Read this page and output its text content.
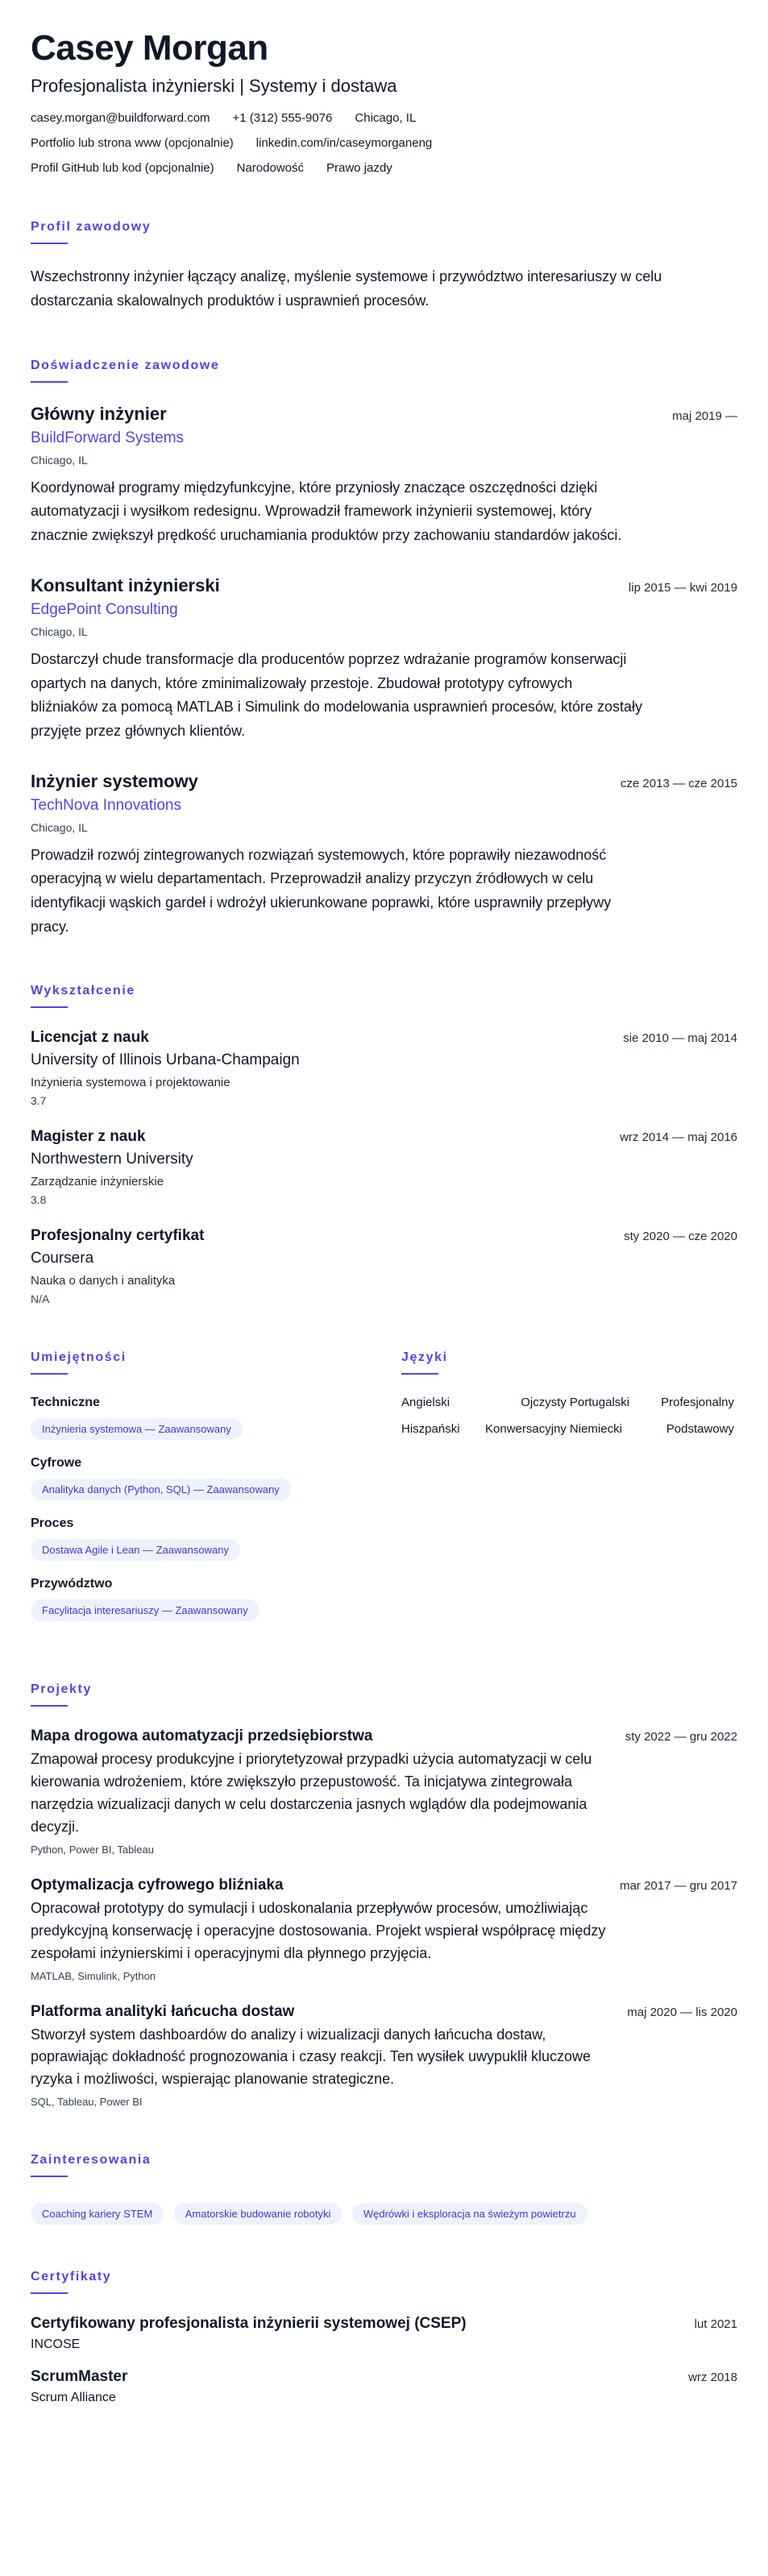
Casey Morgan
Profesjonalista inżynierski | Systemy i dostawa
casey.morgan@buildforward.com +1 (312) 555-9076 Chicago, IL
Portfolio lub strona www (opcjonalnie) linkedin.com/in/caseymorganeng
Profil GitHub lub kod (opcjonalnie) Narodowość Prawo jazdy
Profil zawodowy

Wszechstronny inżynier łączący analizę, myślenie systemowe i przywództwo interesariuszy w celu dostarczania skalowalnych produktów i usprawnień procesów.

Doświadczenie zawodowe
Główny inżynier	maj 2019 —
BuildForward Systems
Chicago, IL
Koordynował programy międzyfunkcyjne, które przyniosły znaczące oszczędności dzięki automatyzacji i wysiłkom redesignu. Wprowadził framework inżynierii systemowej, który znacznie zwiększył prędkość uruchamiania produktów przy zachowaniu standardów jakości.
Konsultant inżynierski	lip 2015 — kwi 2019
EdgePoint Consulting
Chicago, IL
Dostarczył chude transformacje dla producentów poprzez wdrażanie programów konserwacji opartych na danych, które zminimalizowały przestoje. Zbudował prototypy cyfrowych bliźniaków za pomocą MATLAB i Simulink do modelowania usprawnień procesów, które zostały przyjęte przez głównych klientów.
Inżynier systemowy	cze 2013 — cze 2015
TechNova Innovations
Chicago, IL
Prowadził rozwój zintegrowanych rozwiązań systemowych, które poprawiły niezawodność operacyjną w wielu departamentach. Przeprowadził analizy przyczyn źródłowych w celu identyfikacji wąskich gardeł i wdrożył ukierunkowane poprawki, które usprawniły przepływy pracy.
Wykształcenie
Licencjat z nauk	sie 2010 — maj 2014
University of Illinois Urbana-Champaign
Inżynieria systemowa i projektowanie
3.7
Magister z nauk	wrz 2014 — maj 2016
Northwestern University
Zarządzanie inżynierskie
3.8
Profesjonalny certyfikat	sty 2020 — cze 2020
Coursera
Nauka o danych i analityka
N/A
Umiejętności
Techniczne
Inżynieria systemowa — Zaawansowany
Cyfrowe
Analityka danych (Python, SQL) — Zaawansowany
Proces
Dostawa Agile i Lean — Zaawansowany
Przywództwo
Facylitacja interesariuszy — Zaawansowany
Języki
Angielski	Ojczysty Portugalski	Profesjonalny
Hiszpański	Konwersacyjny Niemiecki	Podstawowy
Projekty
Mapa drogowa automatyzacji przedsiębiorstwa	sty 2022 — gru 2022
Zmapował procesy produkcyjne i priorytetyzował przypadki użycia automatyzacji w celu kierowania wdrożeniem, które zwiększyło przepustowość. Ta inicjatywa zintegrowała narzędzia wizualizacji danych w celu dostarczenia jasnych wglądów dla podejmowania decyzji.
Python, Power BI, Tableau
Optymalizacja cyfrowego bliźniaka	mar 2017 — gru 2017
Opracował prototypy do symulacji i udoskonalania przepływów procesów, umożliwiając predykcyjną konserwację i operacyjne dostosowania. Projekt wspierał współpracę między zespołami inżynierskimi i operacyjnymi dla płynnego przyjęcia.
MATLAB, Simulink, Python
Platforma analityki łańcucha dostaw	maj 2020 — lis 2020
Stworzył system dashboardów do analizy i wizualizacji danych łańcucha dostaw, poprawiając dokładność prognozowania i czasy reakcji. Ten wysiłek uwypuklił kluczowe ryzyka i możliwości, wspierając planowanie strategiczne.
SQL, Tableau, Power BI
Zainteresowania
Coaching kariery STEM	Amatorskie budowanie robotyki	Wędrówki i eksploracja na świeżym powietrzu
Certyfikaty
Certyfikowany profesjonalista inżynierii systemowej (CSEP)	lut 2021
INCOSE
ScrumMaster	wrz 2018
Scrum Alliance
